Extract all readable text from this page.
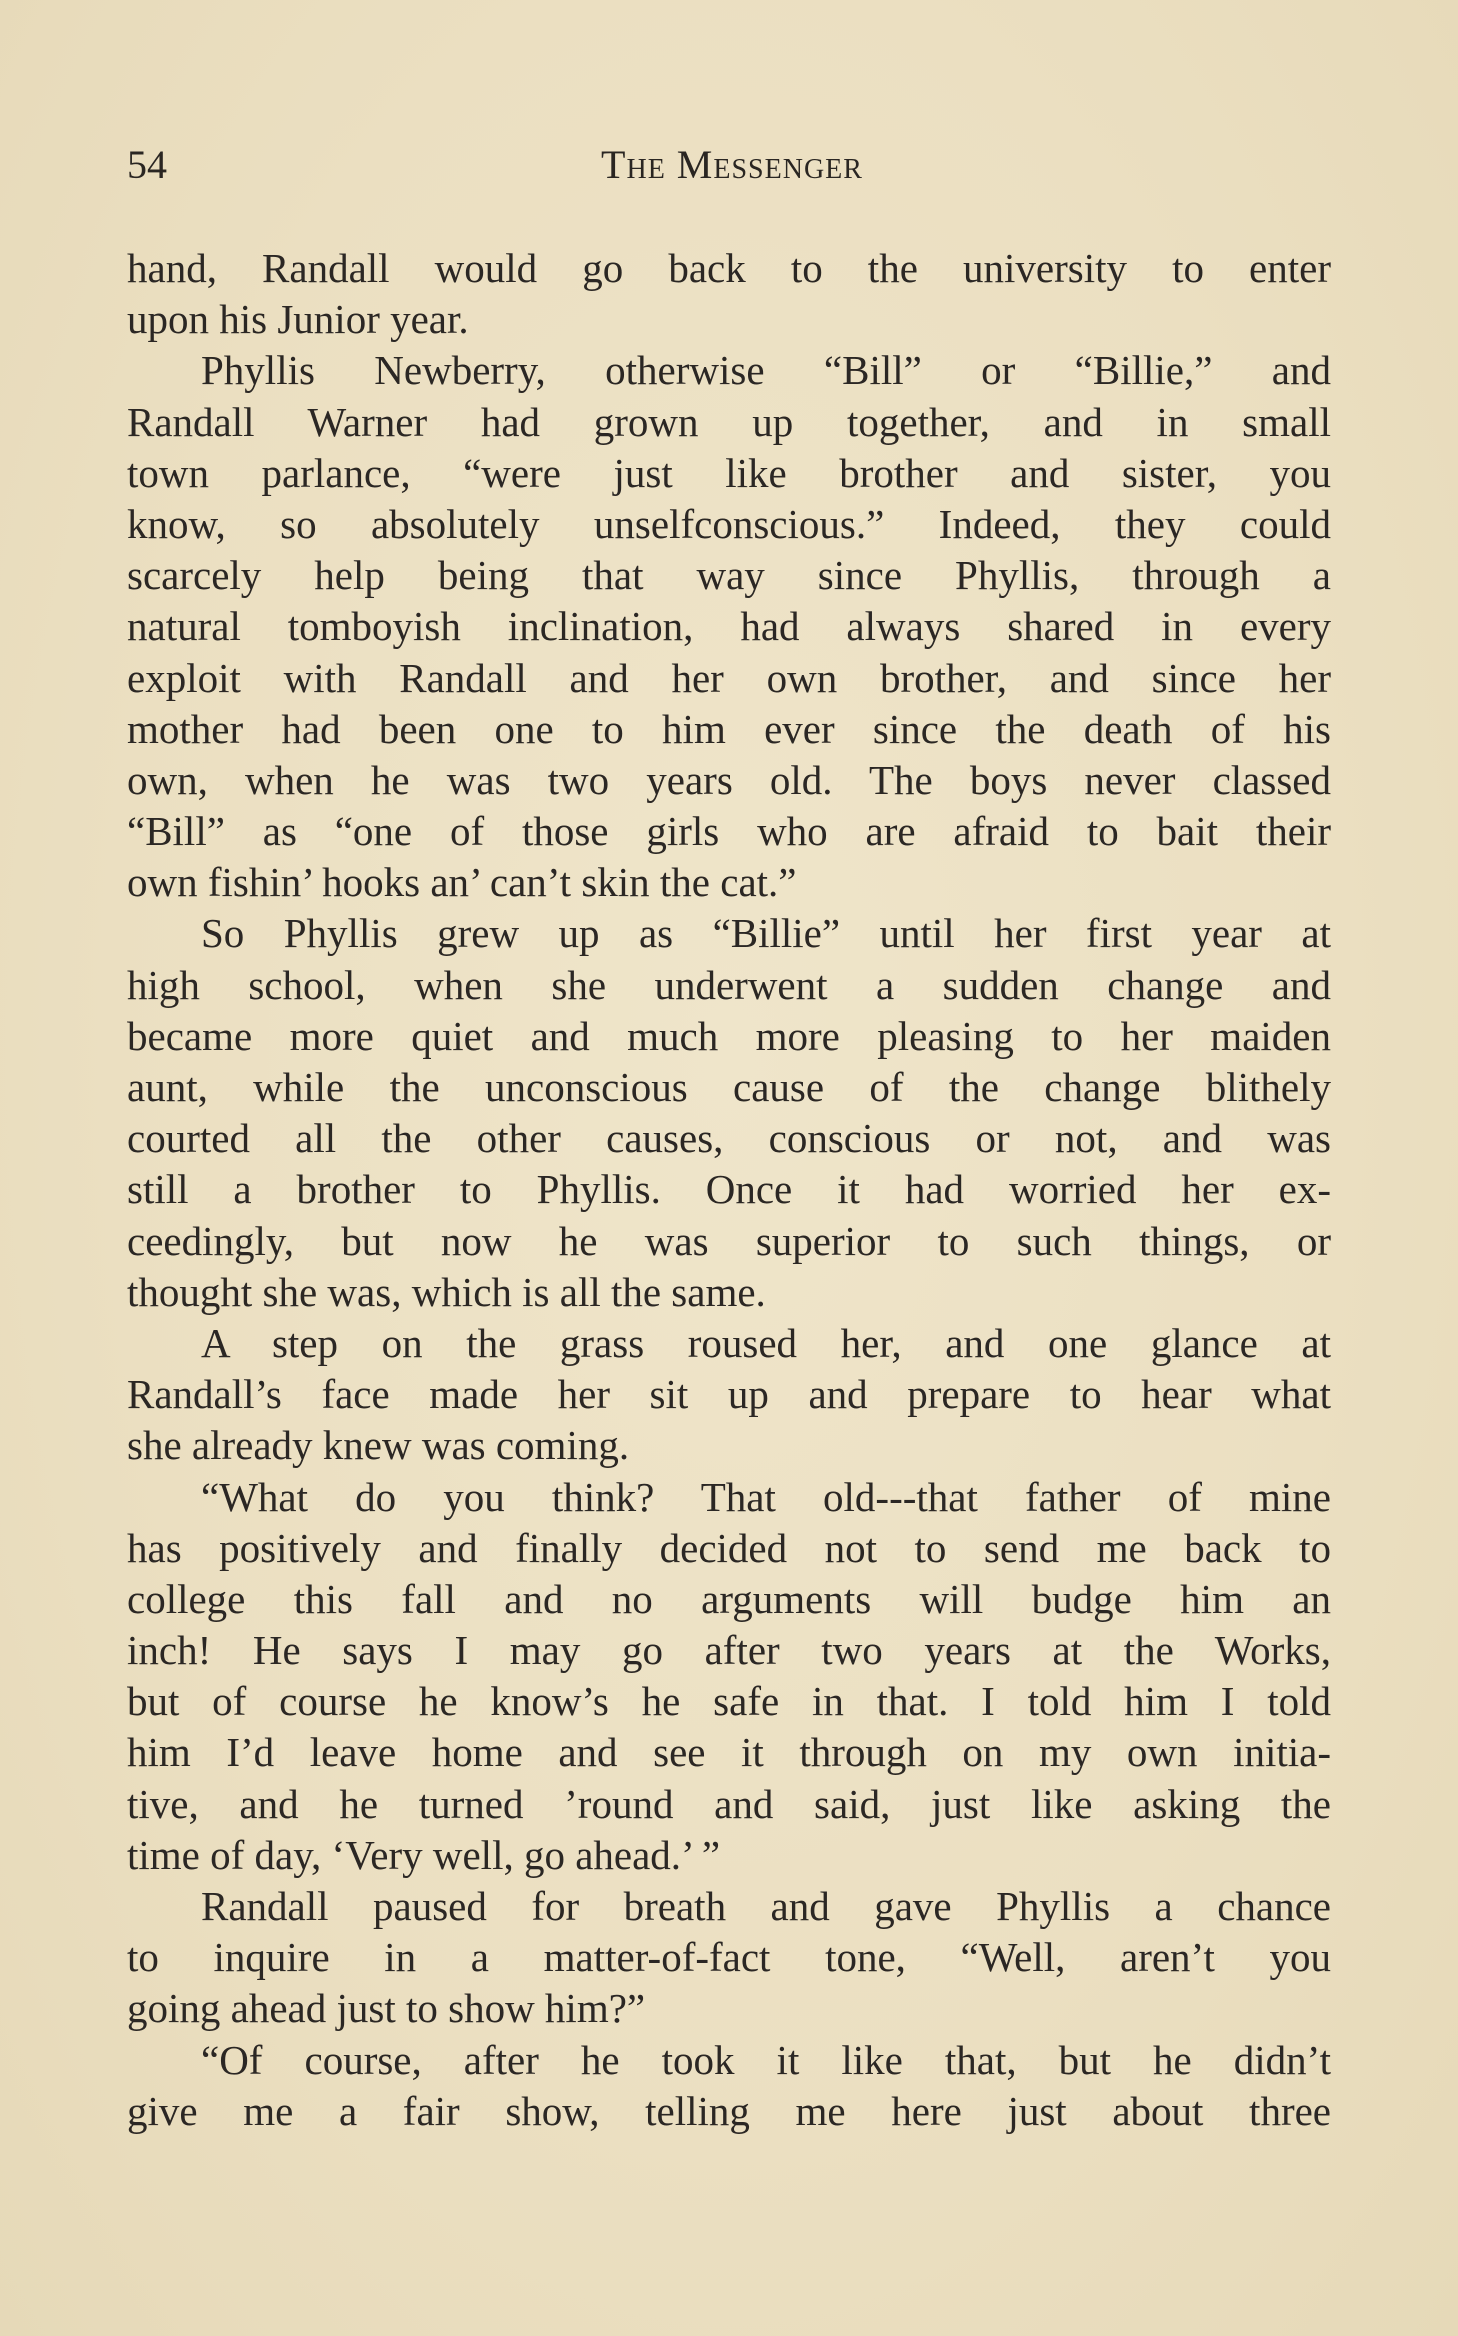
54	The Messenger
hand, Randall would go back to the university to enter
upon his Junior year.
Phyllis Newberry, otherwise “Bill” or “Billie,” and
Randall Warner had grown up together, and in small
town parlance, “were just like brother and sister, you
know, so absolutely unselfconscious.” Indeed, they could
scarcely help being that way since Phyllis, through a
natural tomboyish inclination, had always shared in every
exploit with Randall and her own brother, and since her
mother had been one to him ever since the death of his
own, when he was two years old. The boys never classed
“Bill” as “one of those girls who are afraid to bait their
own fishin’ hooks an’ can’t skin the cat.”
So Phyllis grew up as “Billie” until her first year at
high school, when she underwent a sudden change and
became more quiet and much more pleasing to her maiden
aunt, while the unconscious cause of the change blithely
courted all the other causes, conscious or not, and was
still a brother to Phyllis. Once it had worried her ex-
ceedingly, but now he was superior to such things, or
thought she was, which is all the same.
A step on the grass roused her, and one glance at
Randall’s face made her sit up and prepare to hear what
she already knew was coming.
“What do you think? That old---that father of mine
has positively and finally decided not to send me back to
college this fall and no arguments will budge him an
inch! He says I may go after two years at the Works,
but of course he know’s he safe in that. I told him I told
him I’d leave home and see it through on my own initia-
tive, and he turned ’round and said, just like asking the
time of day, ‘Very well, go ahead.’ ”
Randall paused for breath and gave Phyllis a chance
to inquire in a matter-of-fact tone, “Well, aren’t you
going ahead just to show him?”
“Of course, after he took it like that, but he didn’t
give me a fair show, telling me here just about three
